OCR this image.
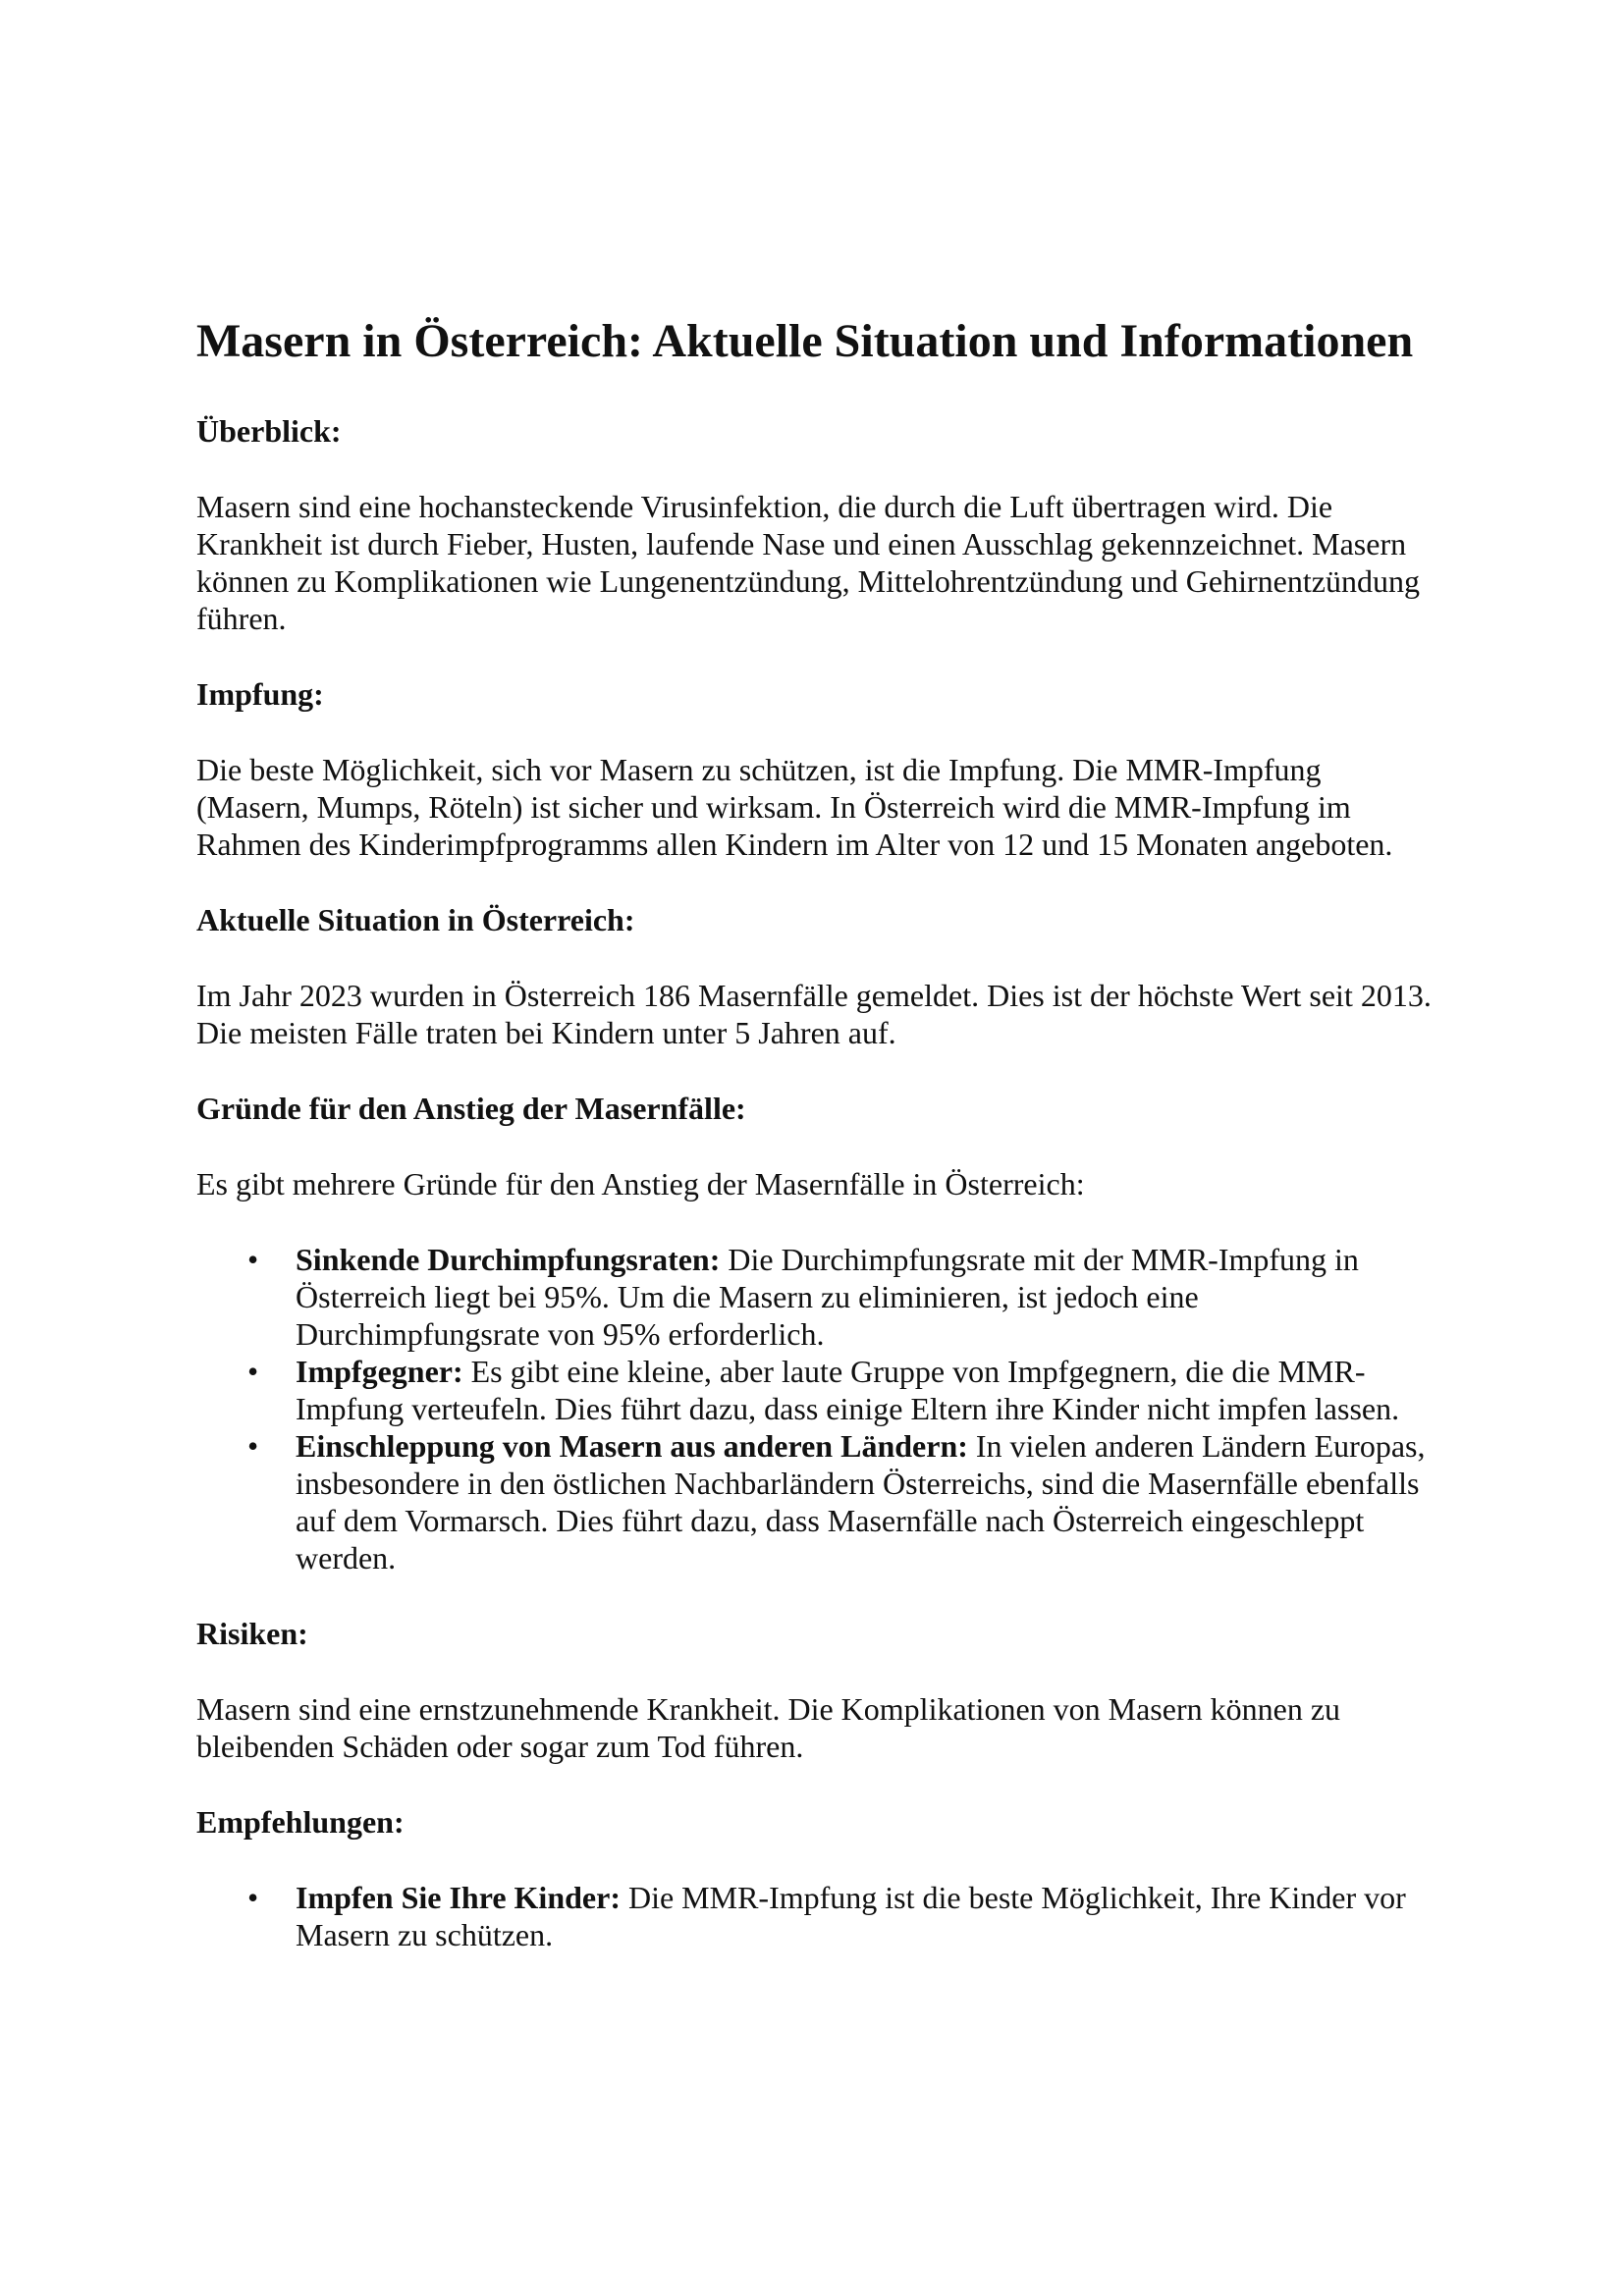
Masern in Österreich: Aktuelle Situation und Informationen
Überblick:

Masern sind eine hochansteckende Virusinfektion, die durch die Luft übertragen wird. Die Krankheit ist durch Fieber, Husten, laufende Nase und einen Ausschlag gekennzeichnet. Masern können zu Komplikationen wie Lungenentzündung, Mittelohrentzündung und Gehirnentzündung führen.

Impfung:

Die beste Möglichkeit, sich vor Masern zu schützen, ist die Impfung. Die MMR-Impfung (Masern, Mumps, Röteln) ist sicher und wirksam. In Österreich wird die MMR-Impfung im Rahmen des Kinderimpfprogramms allen Kindern im Alter von 12 und 15 Monaten angeboten.

Aktuelle Situation in Österreich:

Im Jahr 2023 wurden in Österreich 186 Masernfälle gemeldet. Dies ist der höchste Wert seit 2013. Die meisten Fälle traten bei Kindern unter 5 Jahren auf.

Gründe für den Anstieg der Masernfälle:

Es gibt mehrere Gründe für den Anstieg der Masernfälle in Österreich:

• Sinkende Durchimpfungsraten: Die Durchimpfungsrate mit der MMR-Impfung in Österreich liegt bei 95%. Um die Masern zu eliminieren, ist jedoch eine Durchimpfungsrate von 95% erforderlich.
• Impfgegner: Es gibt eine kleine, aber laute Gruppe von Impfgegnern, die die MMR-Impfung verteufeln. Dies führt dazu, dass einige Eltern ihre Kinder nicht impfen lassen.
• Einschleppung von Masern aus anderen Ländern: In vielen anderen Ländern Europas, insbesondere in den östlichen Nachbarländern Österreichs, sind die Masernfälle ebenfalls auf dem Vormarsch. Dies führt dazu, dass Masernfälle nach Österreich eingeschleppt werden.
Risiken:

Masern sind eine ernstzunehmende Krankheit. Die Komplikationen von Masern können zu bleibenden Schäden oder sogar zum Tod führen.

Empfehlungen:
• Impfen Sie Ihre Kinder: Die MMR-Impfung ist die beste Möglichkeit, Ihre Kinder vor Masern zu schützen.
